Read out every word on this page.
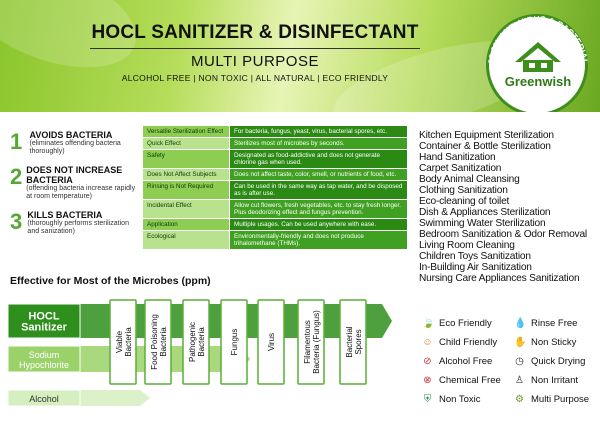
HOCL SANITIZER & DISINFECTANT
MULTI PURPOSE
ALCOHOL FREE | NON TOXIC | ALL NATURAL | ECO FRIENDLY
99.9% ANTI VIRUS & BACTERIAL
Greenwish
1 AVOIDS BACTERIA
(eliminates offending bacteria thoroughly)
2 DOES NOT INCREASE BACTERIA
(offending bacteria increase rapidly at room temperature)
3 KILLS BACTERIA
(thoroughly performs sterilization and sanization)
Versatile Sterilization Effect	For bacteria, fungus, yeast, virus, bacterial spores, etc.
Quick Effect	Sterilizes most of microbes by seconds.
Safety	Designated as food-addictive and does not generate chlorine gas when used.
Does Not Affect Subjects	Does not affect taste, color, smell, or nutrients of food, etc.
Rinsing is Not Required	Can be used in the same way as tap water, and be disposed as is after use.
Incidental Effect	Allow cut flowers, fresh vegetables, etc. to stay fresh longer. Plus deodorizing effect and fungus prevention.
Application	Multiple usages. Can be used anywhere with ease.
Ecological	Environmentally-friendly and does not produce trihalomethane (THMs).
Kitchen Equipment Sterilization
Container & Bottle Sterilization
Hand Sanitization
Carpet Sanitization
Body Animal Cleansing
Clothing Sanitization
Eco-cleaning of toilet
Dish & Appliances Sterilization
Swimming Water Sterilization
Bedroom Sanitization & Odor Removal
Living Room Cleaning
Children Toys Sanitization
In-Building Air Sanitization
Nursing Care Appliances Sanitization
Effective for Most of the Microbes (ppm)
HOCL
Sanitizer
Sodium
Hypochlorite
Alcohol
ViableBacteria Food PoisoningBacteria	PathogenicBacteria	Fungus	Virus	FilamentousBacteria (Fungus)	BacterialSpores
🍃 Eco Friendly 💧 Rinse Free
☺ Child Friendly ✋ Non Sticky
⊘ Alcohol Free ◷ Quick Drying
⊗ Chemical Free ♙ Non Irritant
⛨ Non Toxic	⚙ Multi Purpose
